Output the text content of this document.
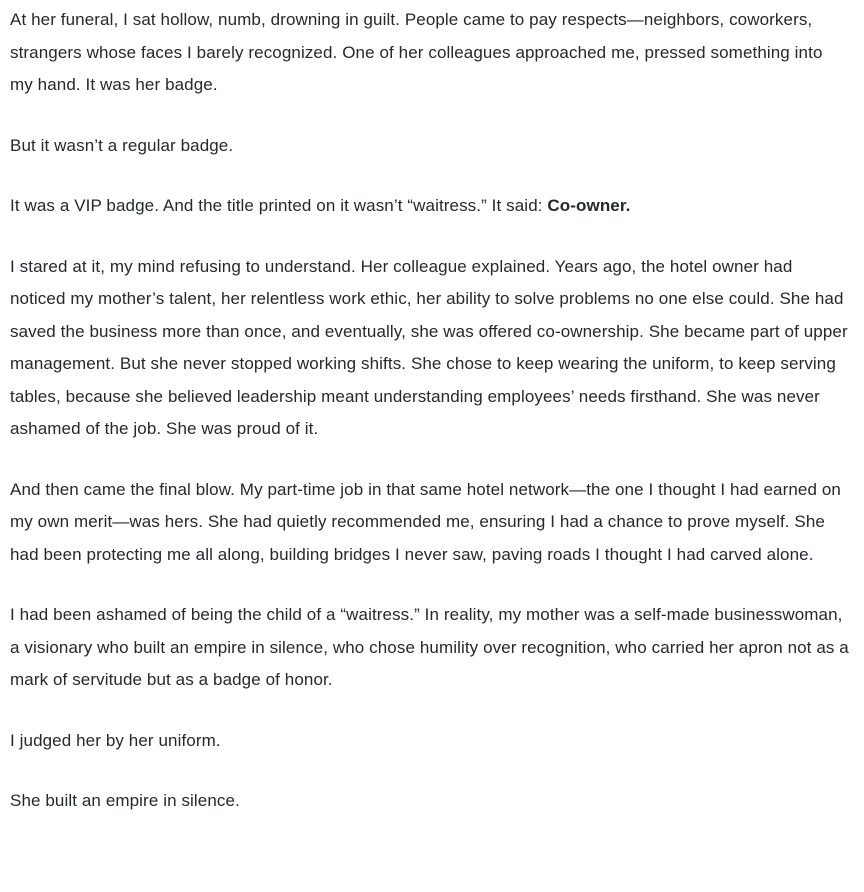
At her funeral, I sat hollow, numb, drowning in guilt. People came to pay respects—neighbors, coworkers, strangers whose faces I barely recognized. One of her colleagues approached me, pressed something into my hand. It was her badge.

But it wasn’t a regular badge.

It was a VIP badge. And the title printed on it wasn’t “waitress.” It said: Co-owner.

I stared at it, my mind refusing to understand. Her colleague explained. Years ago, the hotel owner had noticed my mother’s talent, her relentless work ethic, her ability to solve problems no one else could. She had saved the business more than once, and eventually, she was offered co-ownership. She became part of upper management. But she never stopped working shifts. She chose to keep wearing the uniform, to keep serving tables, because she believed leadership meant understanding employees’ needs firsthand. She was never ashamed of the job. She was proud of it.

And then came the final blow. My part-time job in that same hotel network—the one I thought I had earned on my own merit—was hers. She had quietly recommended me, ensuring I had a chance to prove myself. She had been protecting me all along, building bridges I never saw, paving roads I thought I had carved alone.

I had been ashamed of being the child of a “waitress.” In reality, my mother was a self-made businesswoman, a visionary who built an empire in silence, who chose humility over recognition, who carried her apron not as a mark of servitude but as a badge of honor.

I judged her by her uniform.

She built an empire in silence.
